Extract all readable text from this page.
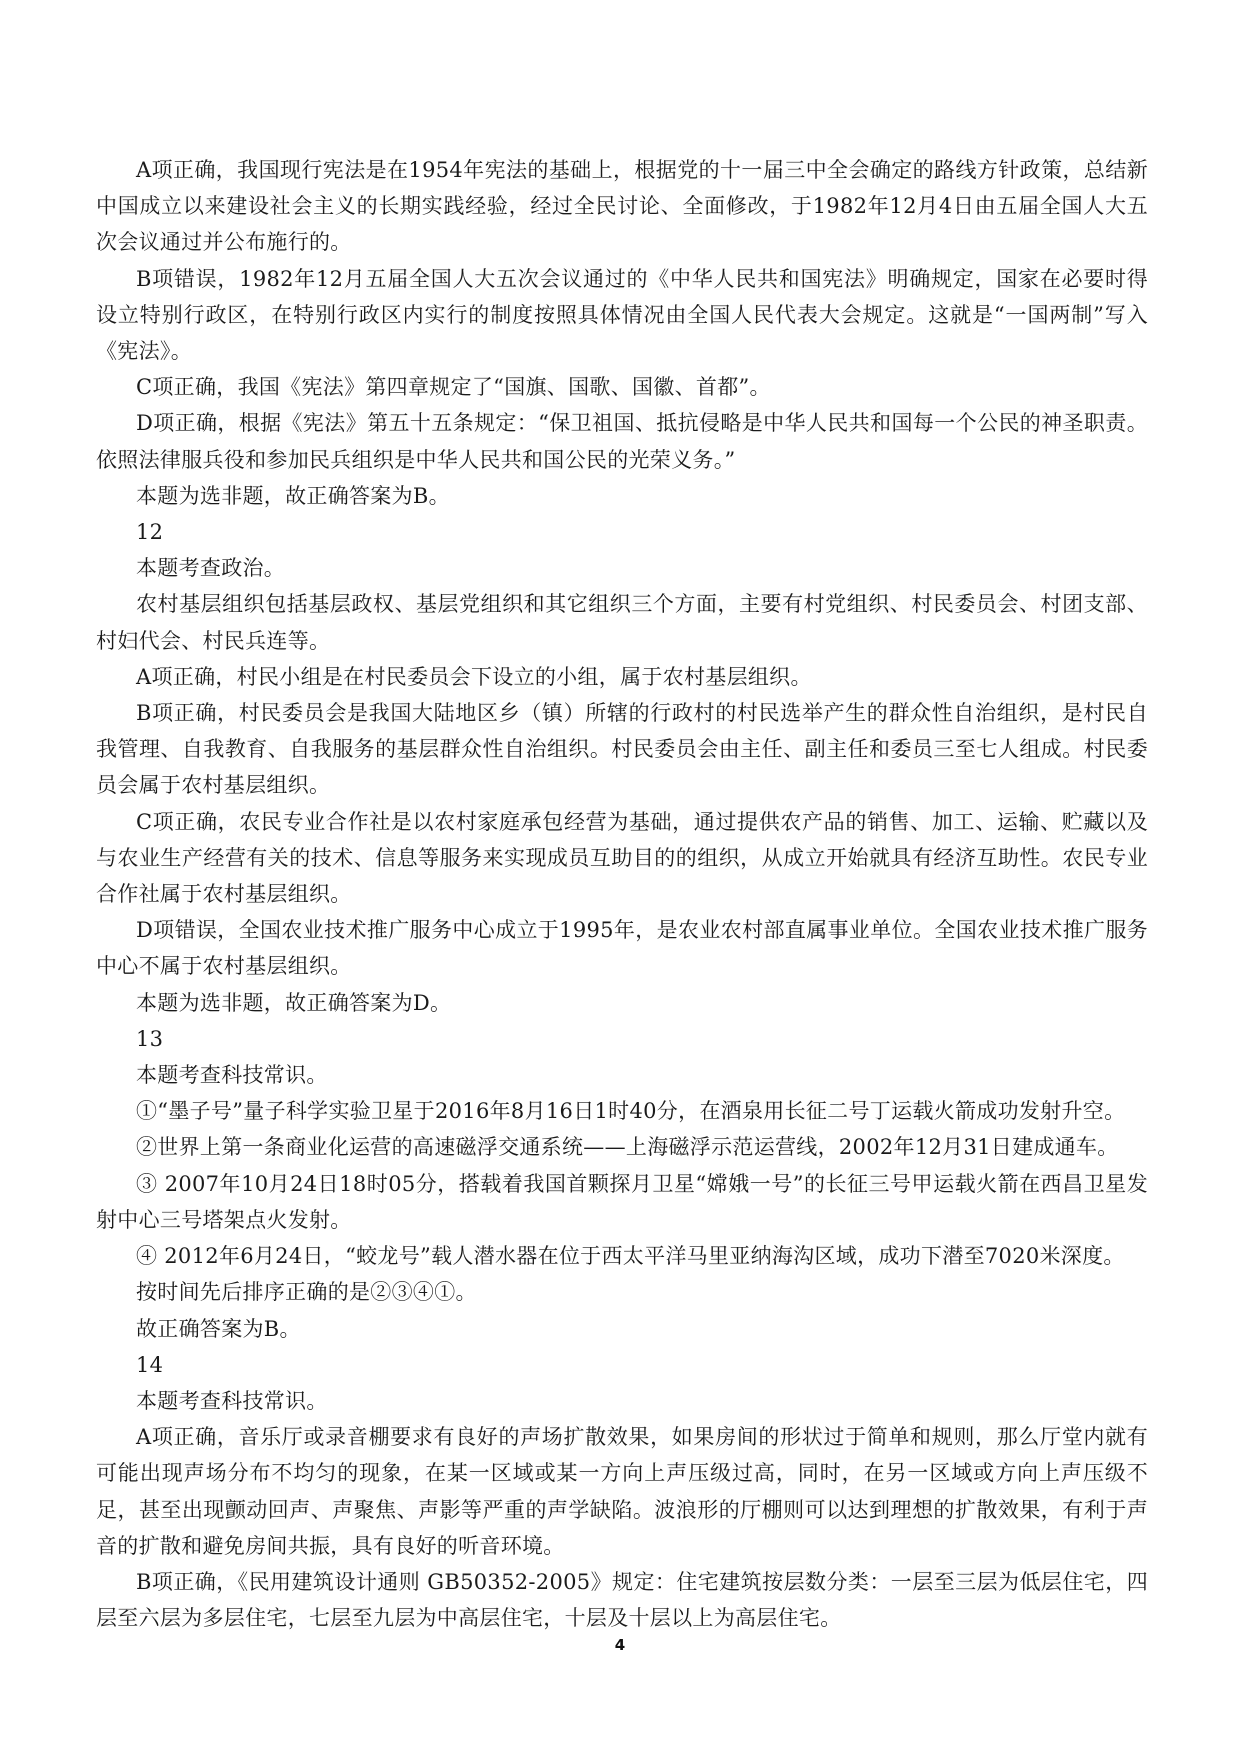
A项正确，我国现行宪法是在1954年宪法的基础上，根据党的十一届三中全会确定的路线方针政策，总结新中国成立以来建设社会主义的长期实践经验，经过全民讨论、全面修改，于1982年12月4日由五届全国人大五次会议通过并公布施行的。

B项错误，1982年12月五届全国人大五次会议通过的《中华人民共和国宪法》明确规定，国家在必要时得设立特别行政区，在特别行政区内实行的制度按照具体情况由全国人民代表大会规定。这就是“一国两制”写入《宪法》。

C项正确，我国《宪法》第四章规定了“国旗、国歌、国徽、首都”。

D项正确，根据《宪法》第五十五条规定：“保卫祖国、抵抗侵略是中华人民共和国每一个公民的神圣职责。依照法律服兵役和参加民兵组织是中华人民共和国公民的光荣义务。”

本题为选非题，故正确答案为B。

12

本题考查政治。

农村基层组织包括基层政权、基层党组织和其它组织三个方面，主要有村党组织、村民委员会、村团支部、村妇代会、村民兵连等。

A项正确，村民小组是在村民委员会下设立的小组，属于农村基层组织。

B项正确，村民委员会是我国大陆地区乡（镇）所辖的行政村的村民选举产生的群众性自治组织，是村民自我管理、自我教育、自我服务的基层群众性自治组织。村民委员会由主任、副主任和委员三至七人组成。村民委员会属于农村基层组织。

C项正确，农民专业合作社是以农村家庭承包经营为基础，通过提供农产品的销售、加工、运输、贮藏以及与农业生产经营有关的技术、信息等服务来实现成员互助目的的组织，从成立开始就具有经济互助性。农民专业合作社属于农村基层组织。

D项错误，全国农业技术推广服务中心成立于1995年，是农业农村部直属事业单位。全国农业技术推广服务中心不属于农村基层组织。

本题为选非题，故正确答案为D。

13

本题考查科技常识。

①“墨子号”量子科学实验卫星于2016年8月16日1时40分，在酒泉用长征二号丁运载火箭成功发射升空。

②世界上第一条商业化运营的高速磁浮交通系统——上海磁浮示范运营线，2002年12月31日建成通车。

③ 2007年10月24日18时05分，搭载着我国首颗探月卫星“嫦娥一号”的长征三号甲运载火箭在西昌卫星发射中心三号塔架点火发射。

④ 2012年6月24日，“蛟龙号”载人潜水器在位于西太平洋马里亚纳海沟区域，成功下潜至7020米深度。

按时间先后排序正确的是②③④①。

故正确答案为B。

14

本题考查科技常识。

A项正确，音乐厅或录音棚要求有良好的声场扩散效果，如果房间的形状过于简单和规则，那么厅堂内就有可能出现声场分布不均匀的现象，在某一区域或某一方向上声压级过高，同时，在另一区域或方向上声压级不足，甚至出现颤动回声、声聚焦、声影等严重的声学缺陷。波浪形的厅棚则可以达到理想的扩散效果，有利于声音的扩散和避免房间共振，具有良好的听音环境。

B项正确，《民用建筑设计通则 GB50352-2005》规定：住宅建筑按层数分类：一层至三层为低层住宅，四层至六层为多层住宅，七层至九层为中高层住宅，十层及十层以上为高层住宅。

4
